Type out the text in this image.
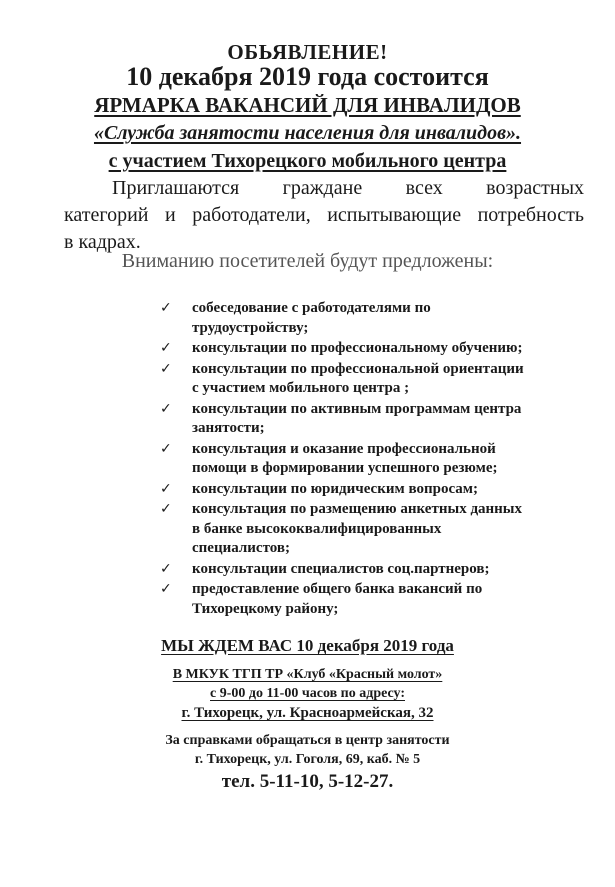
ОБЬЯВЛЕНИЕ!
10 декабря 2019 года состоится
ЯРМАРКА ВАКАНСИЙ ДЛЯ ИНВАЛИДОВ
«Служба занятости населения для инвалидов».
с участием Тихорецкого мобильного центра
Приглашаются граждане всех возрастных
категорий и работодатели, испытывающие потребность
в кадрах.
Вниманию посетителей будут предложены:
✓ собеседование с работодателями по
трудоустройству;
✓ консультации по профессиональному обучению;
✓ консультации по профессиональной ориентации
с участием мобильного центра ;
✓ консультации по активным программам центра
занятости;
✓ консультация и оказание профессиональной
помощи в формировании успешного резюме;
✓ консультации по юридическим вопросам;
✓ консультация по размещению анкетных данных
в банке высококвалифицированных
специалистов;
✓ консультации специалистов соц.партнеров;
✓ предоставление общего банка вакансий по
Тихорецкому району;
МЫ ЖДЕМ ВАС 10 декабря 2019 года
В МКУК ТГП ТР «Клуб «Красный молот»
с 9-00 до 11-00 часов по адресу:
г. Тихорецк, ул. Красноармейская, 32
За справками обращаться в центр занятости
г. Тихорецк, ул. Гоголя, 69, каб. № 5
тел. 5-11-10, 5-12-27.
